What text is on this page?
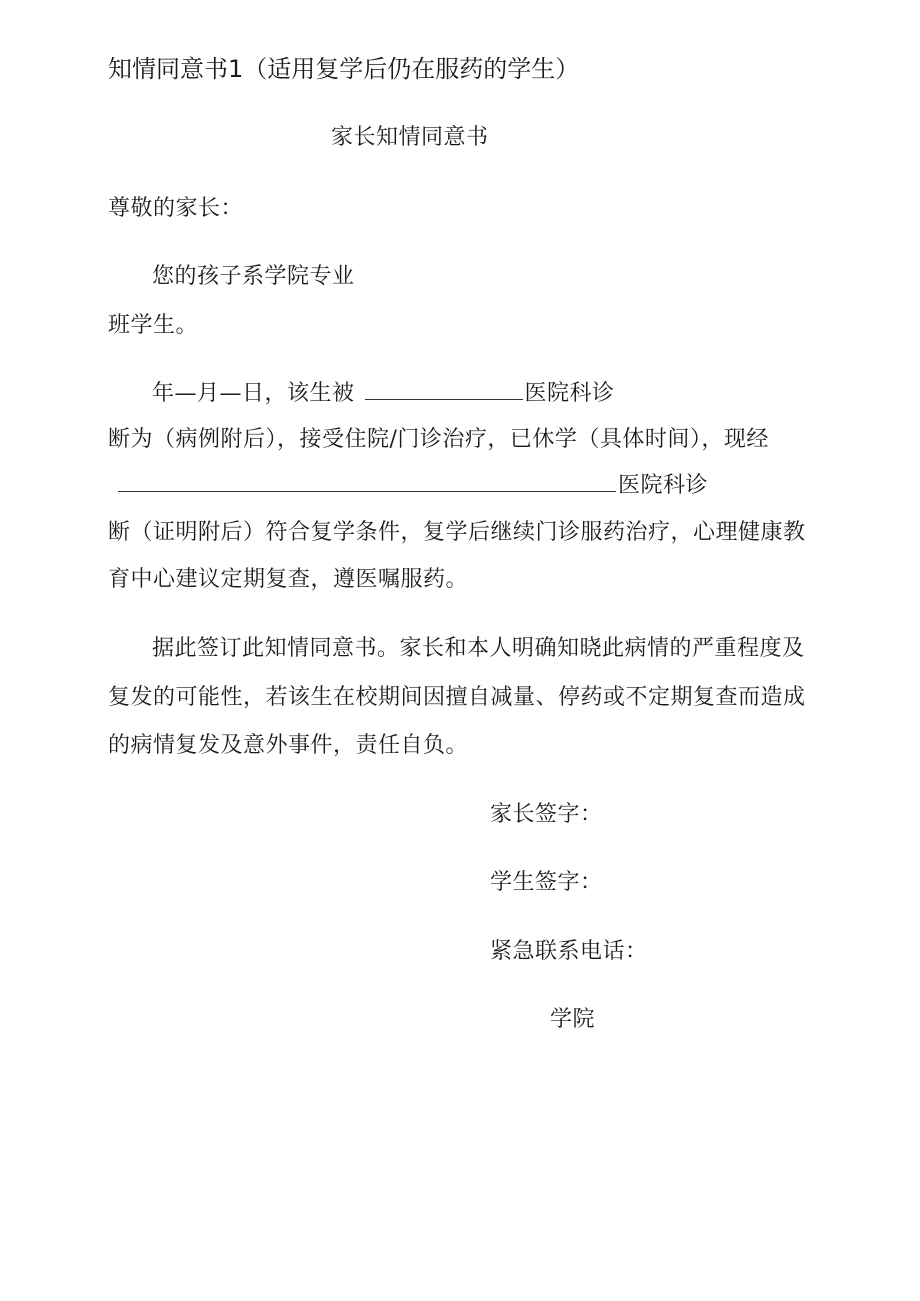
知情同意书1（适用复学后仍在服药的学生）
家长知情同意书
尊敬的家长：
您的孩子系学院专业
班学生。
年—月—日，该生被	医院科诊
断为（病例附后），接受住院/门诊治疗，已休学（具体时间），现经
医院科诊
断（证明附后）符合复学条件，复学后继续门诊服药治疗，心理健康教
育中心建议定期复查，遵医嘱服药。
据此签订此知情同意书。家长和本人明确知晓此病情的严重程度及
复发的可能性，若该生在校期间因擅自减量、停药或不定期复查而造成
的病情复发及意外事件，责任自负。
家长签字：
学生签字：
紧急联系电话：
学院
